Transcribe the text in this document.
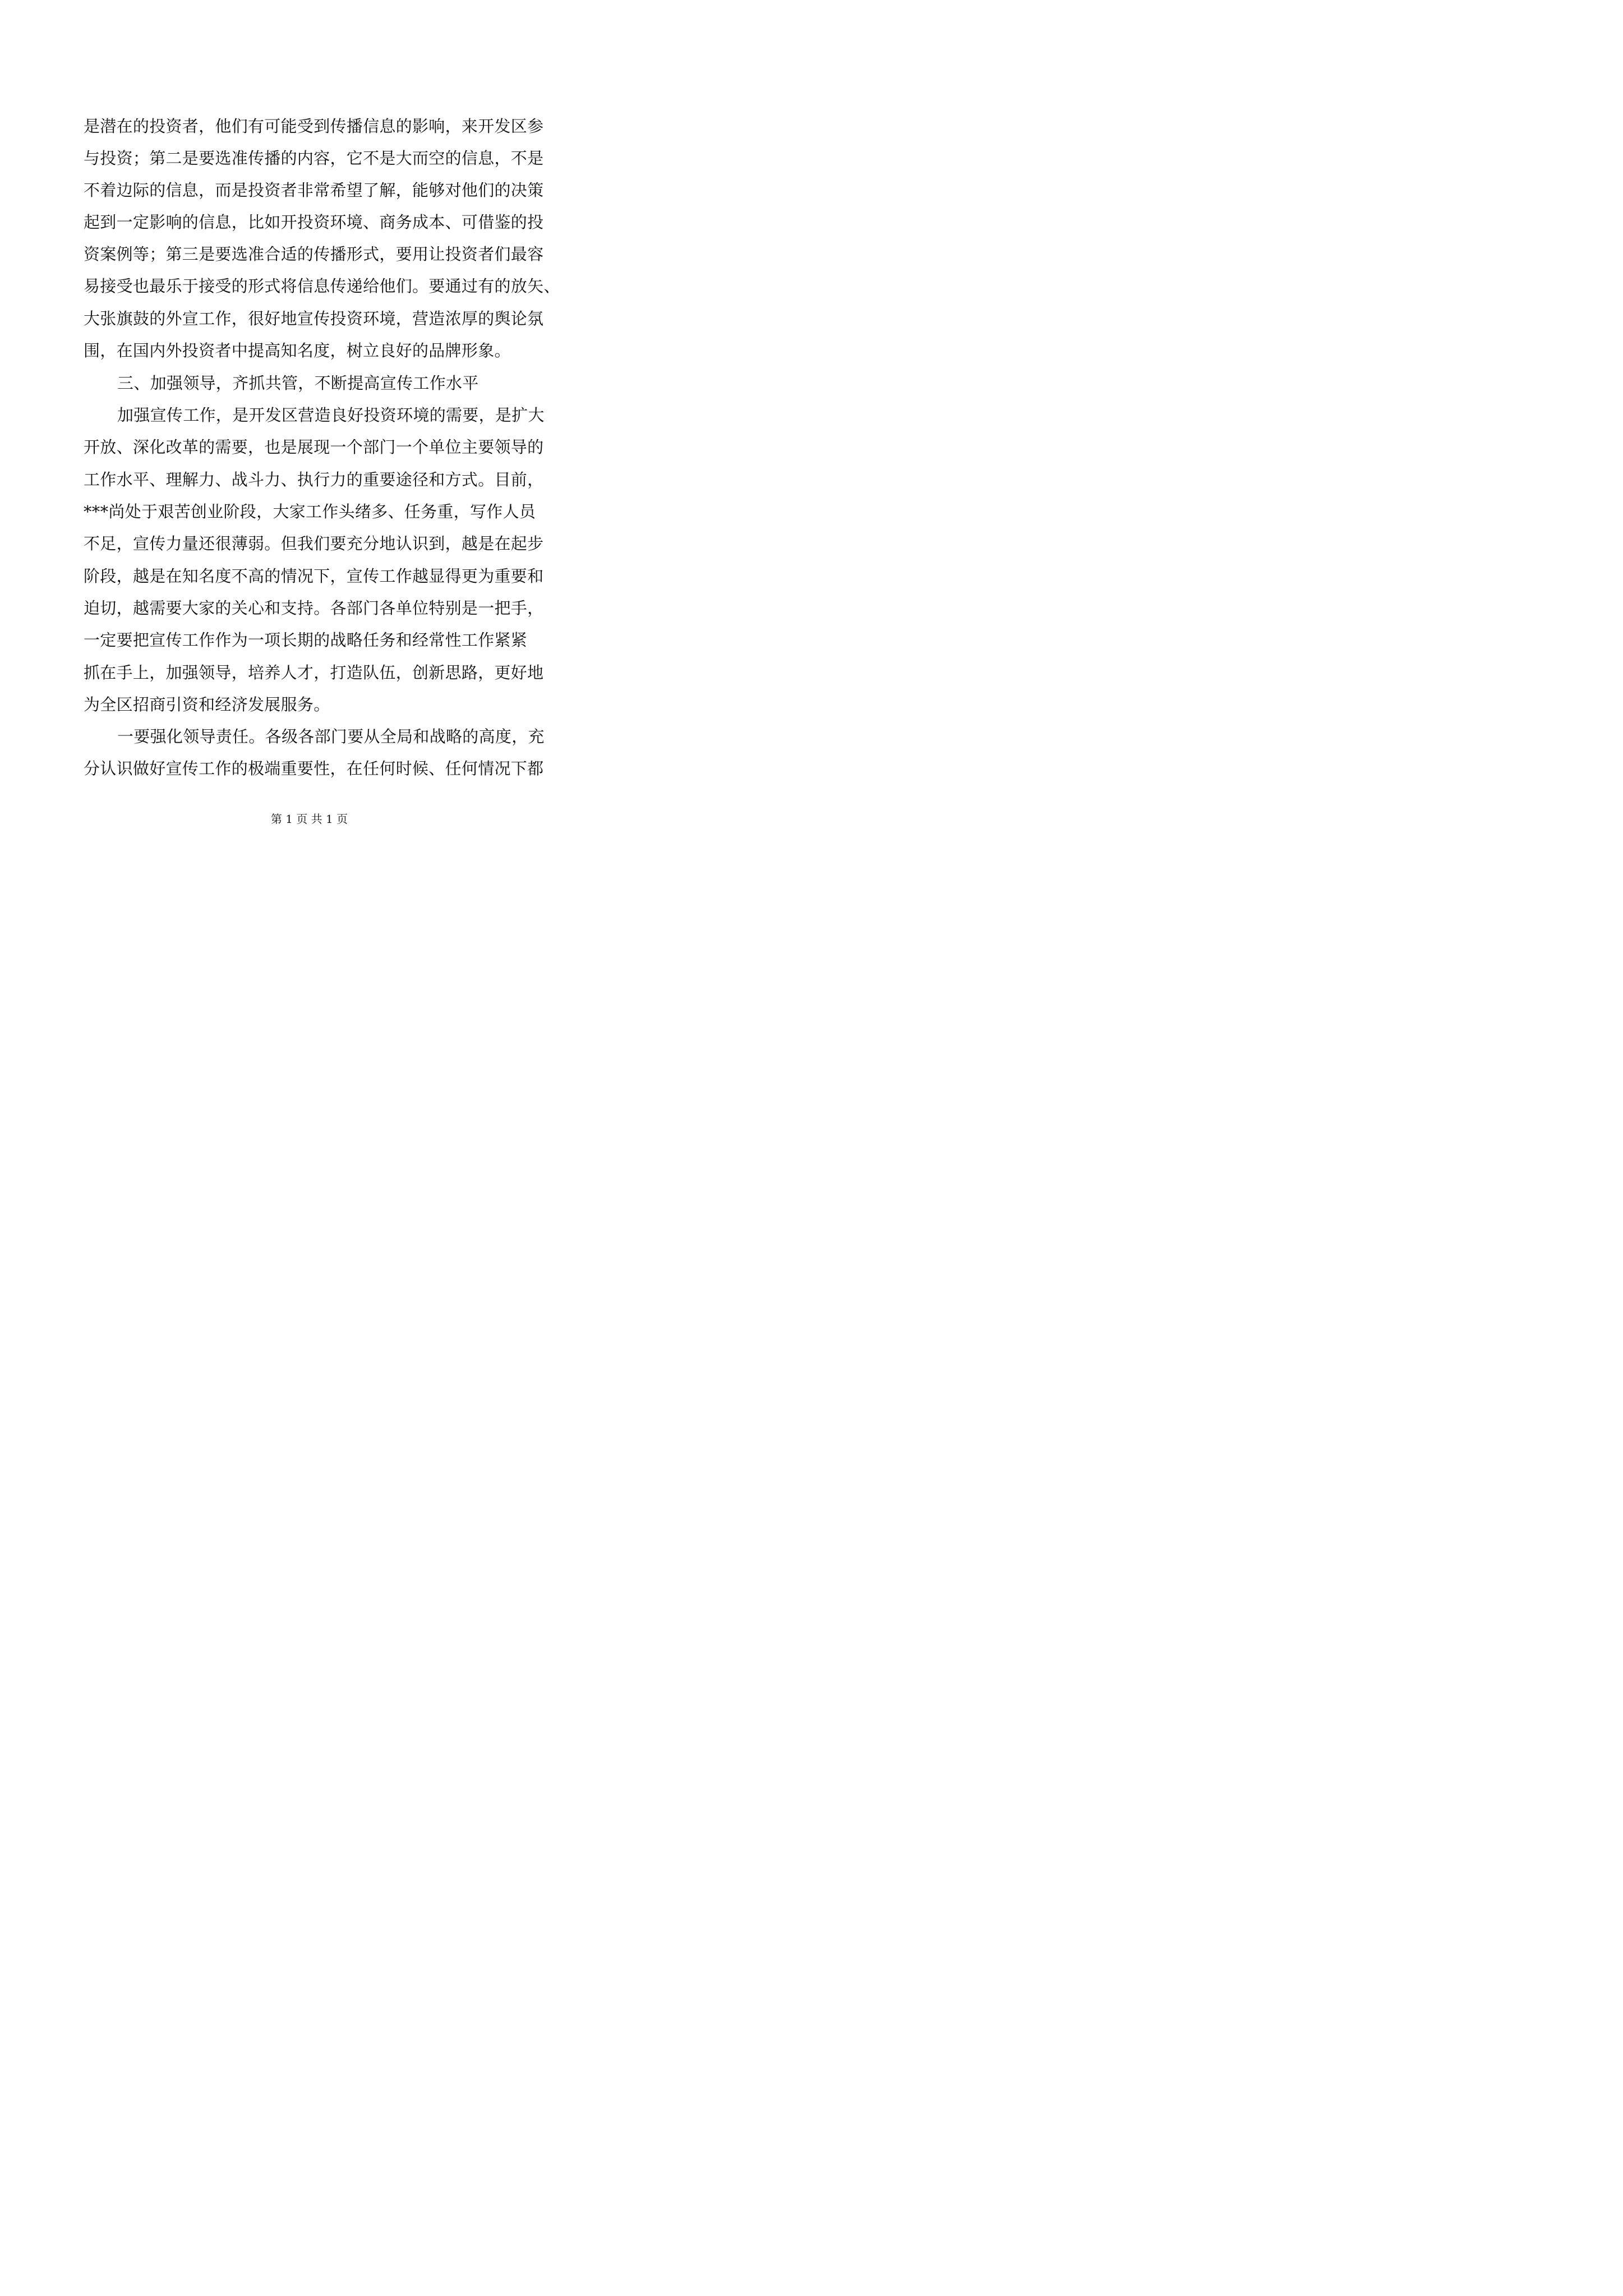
是潜在的投资者，他们有可能受到传播信息的影响，来开发区参
与投资；第二是要选准传播的内容，它不是大而空的信息，不是
不着边际的信息，而是投资者非常希望了解，能够对他们的决策
起到一定影响的信息，比如开投资环境、商务成本、可借鉴的投
资案例等；第三是要选准合适的传播形式，要用让投资者们最容
易接受也最乐于接受的形式将信息传递给他们。要通过有的放矢、
大张旗鼓的外宣工作，很好地宣传投资环境，营造浓厚的舆论氛
围，在国内外投资者中提高知名度，树立良好的品牌形象。
三、加强领导，齐抓共管，不断提高宣传工作水平
加强宣传工作，是开发区营造良好投资环境的需要，是扩大
开放、深化改革的需要，也是展现一个部门一个单位主要领导的
工作水平、理解力、战斗力、执行力的重要途径和方式。目前，
***尚处于艰苦创业阶段，大家工作头绪多、任务重，写作人员
不足，宣传力量还很薄弱。但我们要充分地认识到，越是在起步
阶段，越是在知名度不高的情况下，宣传工作越显得更为重要和
迫切，越需要大家的关心和支持。各部门各单位特别是一把手，
一定要把宣传工作作为一项长期的战略任务和经常性工作紧紧
抓在手上，加强领导，培养人才，打造队伍，创新思路，更好地
为全区招商引资和经济发展服务。
一要强化领导责任。各级各部门要从全局和战略的高度，充
分认识做好宣传工作的极端重要性，在任何时候、任何情况下都
第 1 页 共 1 页
